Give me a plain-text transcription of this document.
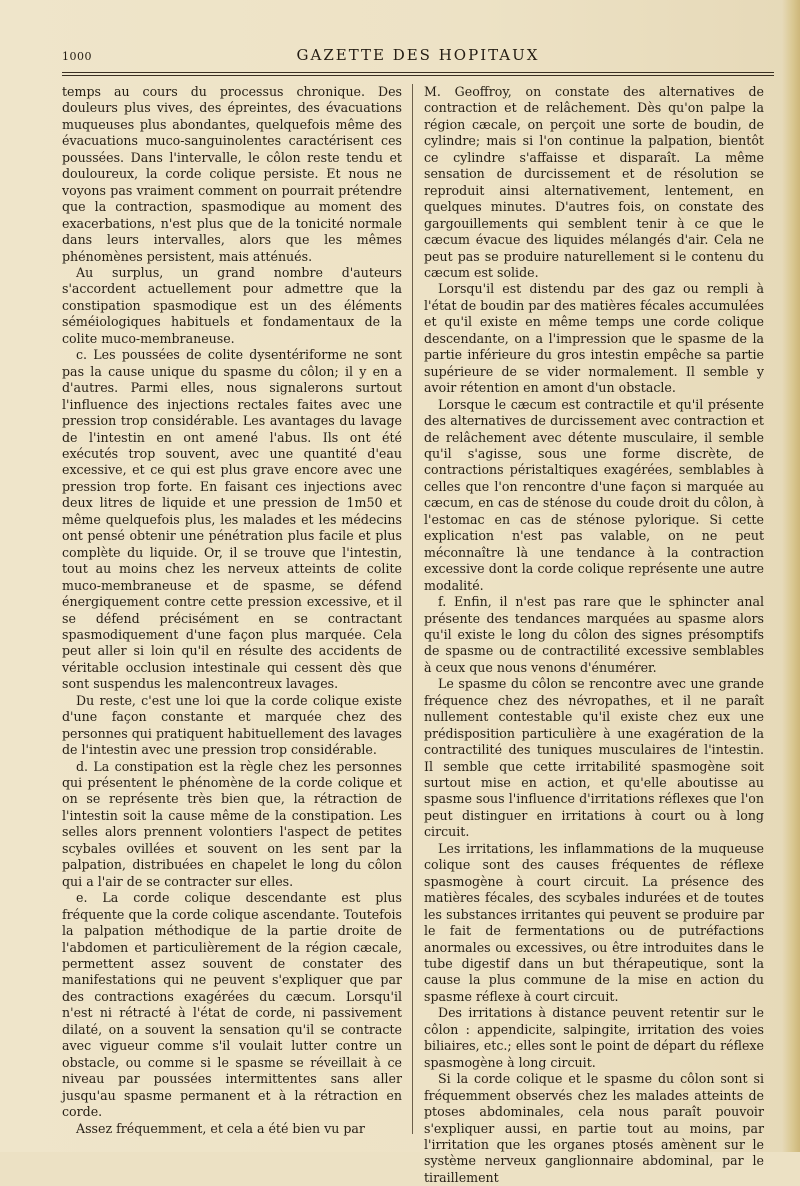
1000	GAZETTE DES HOPITAUX

temps au cours du processus chronique. Des douleurs plus vives, des épreintes, des évacuations muqueuses plus abondantes, quelquefois même des évacuations muco-sanguinolentes caractérisent ces poussées. Dans l'intervalle, le côlon reste tendu et douloureux, la corde colique persiste. Et nous ne voyons pas vraiment comment on pourrait prétendre que la contraction, spasmodique au moment des exacerbations, n'est plus que de la tonicité normale dans leurs intervalles, alors que les mêmes phénomènes persistent, mais atténués.

Au surplus, un grand nombre d'auteurs s'accordent actuellement pour admettre que la constipation spasmodique est un des éléments séméiologiques habituels et fondamentaux de la colite muco-membraneuse.

c. Les poussées de colite dysentériforme ne sont pas la cause unique du spasme du côlon; il y en a d'autres. Parmi elles, nous signalerons surtout l'influence des injections rectales faites avec une pression trop considérable. Les avantages du lavage de l'intestin en ont amené l'abus. Ils ont été exécutés trop souvent, avec une quantité d'eau excessive, et ce qui est plus grave encore avec une pression trop forte. En faisant ces injections avec deux litres de liquide et une pression de 1m50 et même quelquefois plus, les malades et les médecins ont pensé obtenir une pénétration plus facile et plus complète du liquide. Or, il se trouve que l'intestin, tout au moins chez les nerveux atteints de colite muco-membraneuse et de spasme, se défend énergiquement contre cette pression excessive, et il se défend précisément en se contractant spasmodiquement d'une façon plus marquée. Cela peut aller si loin qu'il en résulte des accidents de véritable occlusion intestinale qui cessent dès que sont suspendus les malencontreux lavages.

Du reste, c'est une loi que la corde colique existe d'une façon constante et marquée chez des personnes qui pratiquent habituellement des lavages de l'intestin avec une pression trop considérable.

d. La constipation est la règle chez les personnes qui présentent le phénomène de la corde colique et on se représente très bien que, la rétraction de l'intestin soit la cause même de la constipation. Les selles alors prennent volontiers l'aspect de petites scybales ovillées et souvent on les sent par la palpation, distribuées en chapelet le long du côlon qui a l'air de se contracter sur elles.

e. La corde colique descendante est plus fréquente que la corde colique ascendante. Toutefois la palpation méthodique de la partie droite de l'abdomen et particulièrement de la région cæcale, permettent assez souvent de constater des manifestations qui ne peuvent s'expliquer que par des contractions exagérées du cæcum. Lorsqu'il n'est ni rétracté à l'état de corde, ni passivement dilaté, on a souvent la sensation qu'il se contracte avec vigueur comme s'il voulait lutter contre un obstacle, ou comme si le spasme se réveillait à ce niveau par poussées intermittentes sans aller jusqu'au spasme permanent et à la rétraction en corde.

Assez fréquemment, et cela a été bien vu par

M. Geoffroy, on constate des alternatives de contraction et de relâchement. Dès qu'on palpe la région cæcale, on perçoit une sorte de boudin, de cylindre; mais si l'on continue la palpation, bientôt ce cylindre s'affaisse et disparaît. La même sensation de durcissement et de résolution se reproduit ainsi alternativement, lentement, en quelques minutes. D'autres fois, on constate des gargouillements qui semblent tenir à ce que le cæcum évacue des liquides mélangés d'air. Cela ne peut pas se produire naturellement si le contenu du cæcum est solide.

Lorsqu'il est distendu par des gaz ou rempli à l'état de boudin par des matières fécales accumulées et qu'il existe en même temps une corde colique descendante, on a l'impression que le spasme de la partie inférieure du gros intestin empêche sa partie supérieure de se vider normalement. Il semble y avoir rétention en amont d'un obstacle.

Lorsque le cæcum est contractile et qu'il présente des alternatives de durcissement avec contraction et de relâchement avec détente musculaire, il semble qu'il s'agisse, sous une forme discrète, de contractions péristaltiques exagérées, semblables à celles que l'on rencontre d'une façon si marquée au cæcum, en cas de sténose du coude droit du côlon, à l'estomac en cas de sténose pylorique. Si cette explication n'est pas valable, on ne peut méconnaître là une tendance à la contraction excessive dont la corde colique représente une autre modalité.

f. Enfin, il n'est pas rare que le sphincter anal présente des tendances marquées au spasme alors qu'il existe le long du côlon des signes présomptifs de spasme ou de contractilité excessive semblables à ceux que nous venons d'énumérer.

Le spasme du côlon se rencontre avec une grande fréquence chez des névropathes, et il ne paraît nullement contestable qu'il existe chez eux une prédisposition particulière à une exagération de la contractilité des tuniques musculaires de l'intestin. Il semble que cette irritabilité spasmogène soit surtout mise en action, et qu'elle aboutisse au spasme sous l'influence d'irritations réflexes que l'on peut distinguer en irritations à court ou à long circuit.

Les irritations, les inflammations de la muqueuse colique sont des causes fréquentes de réflexe spasmogène à court circuit. La présence des matières fécales, des scybales indurées et de toutes les substances irritantes qui peuvent se produire par le fait de fermentations ou de putréfactions anormales ou excessives, ou être introduites dans le tube digestif dans un but thérapeutique, sont la cause la plus commune de la mise en action du spasme réflexe à court circuit.

Des irritations à distance peuvent retentir sur le côlon : appendicite, salpingite, irritation des voies biliaires, etc.; elles sont le point de départ du réflexe spasmogène à long circuit.

Si la corde colique et le spasme du côlon sont si fréquemment observés chez les malades atteints de ptoses abdominales, cela nous paraît pouvoir s'expliquer aussi, en partie tout au moins, par l'irritation que les organes ptosés amènent sur le système nerveux ganglionnaire abdominal, par le tiraillement
